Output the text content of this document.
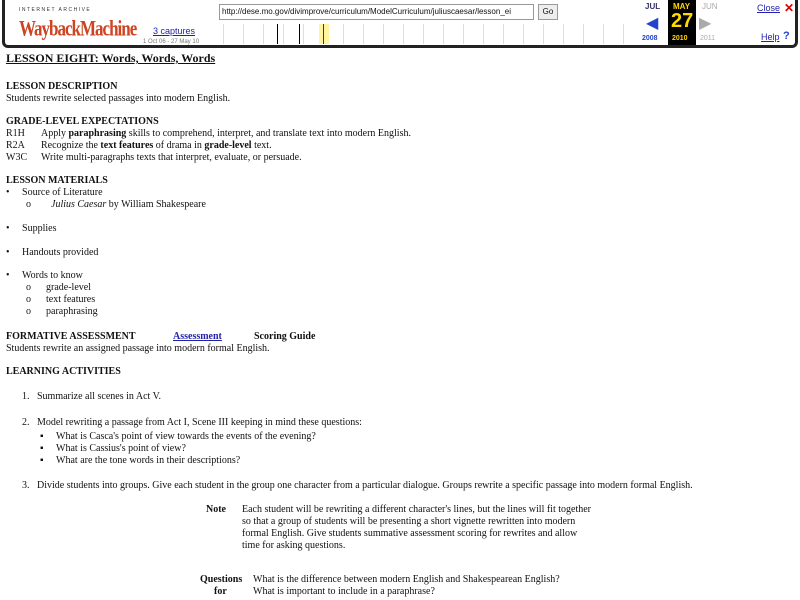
INTERNET ARCHIVE
WaybackMachine 3 captures
1 Oct 06 - 27 May 10
http://dese.mo.gov/divimprove/curriculum/ModelCurriculum/juliuscaesar/lesson_ei	Go
JUL MAY JUN
◀ 27 ▶
2008 2010 2011
Close ✕
Help ?
LESSON EIGHT: Words, Words, Words
LESSON DESCRIPTION
Students rewrite selected passages into modern English.
GRADE-LEVEL EXPECTATIONS
R1H Apply paraphrasing skills to comprehend, interpret, and translate text into modern English.
R2A Recognize the text features of drama in grade-level text.
W3C Write multi-paragraphs texts that interpret, evaluate, or persuade.
LESSON MATERIALS
•     Source of Literature
o        Julius Caesar by William Shakespeare
•     Supplies
•     Handouts provided
•     Words to know
o      grade-level
o      text features
o      paraphrasing
FORMATIVE ASSESSMENT	Assessment	Scoring Guide
Students rewrite an assigned passage into modern formal English.
LEARNING ACTIVITIES
1.   Summarize all scenes in Act V.
2.   Model rewriting a passage from Act I, Scene III keeping in mind these questions:
▪     What is Casca's point of view towards the events of the evening?
▪     What is Cassius's point of view?
▪     What are the tone words in their descriptions?
3.   Divide students into groups. Give each student in the group one character from a particular dialogue. Groups rewrite a specific passage into modern formal English.
Note Each student will be rewriting a different character's lines, but the lines will fit together
so that a group of students will be presenting a short vignette rewritten into modern
formal English. Give students summative assessment scoring for rewrites and allow
time for asking questions.
Questions
for
What is the difference between modern English and Shakespearean English?
What is important to include in a paraphrase?
